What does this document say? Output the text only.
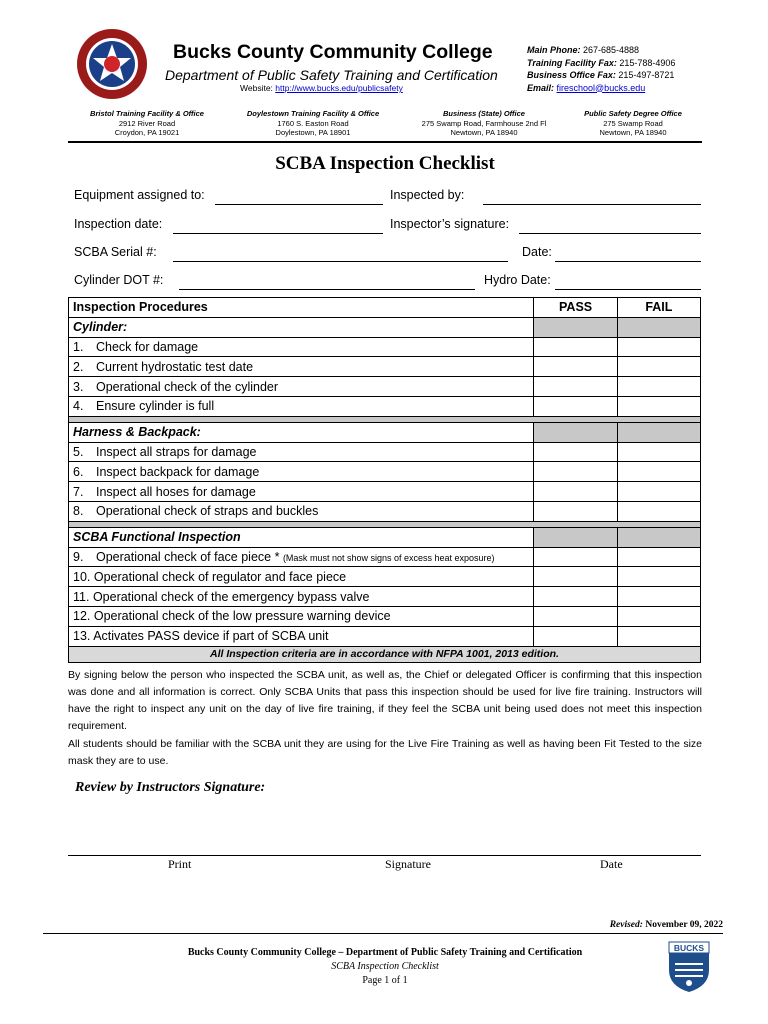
Bucks County Community College
Department of Public Safety Training and Certification
Website: http://www.bucks.edu/publicsafety
Main Phone: 267-685-4888
Training Facility Fax: 215-788-4906
Business Office Fax: 215-497-8721
Email: fireschool@bucks.edu
Bristol Training Facility & Office
2912 River Road
Croydon, PA 19021
Doylestown Training Facility & Office
1760 S. Easton Road
Doylestown, PA 18901
Business (State) Office
275 Swamp Road, Farmhouse 2nd Fl
Newtown, PA 18940
Public Safety Degree Office
275 Swamp Road
Newtown, PA 18940
SCBA Inspection Checklist
Equipment assigned to:	Inspected by:
Inspection date:	Inspector’s signature:
SCBA Serial #:	Date:
Cylinder DOT #:	Hydro Date:
Inspection Procedures	PASS	FAIL
Cylinder:		
1. Check for damage		
2. Current hydrostatic test date		
3. Operational check of the cylinder		
4. Ensure cylinder is full		

Harness & Backpack:		
5. Inspect all straps for damage		
6. Inspect backpack for damage		
7. Inspect all hoses for damage		
8. Operational check of straps and buckles		

SCBA Functional Inspection		
9. Operational check of face piece * (Mask must not show signs of excess heat exposure)		
10. Operational check of regulator and face piece		
11. Operational check of the emergency bypass valve		
12. Operational check of the low pressure warning device		
13. Activates PASS device if part of SCBA unit		
All Inspection criteria are in accordance with NFPA 1001, 2013 edition.		
By signing below the person who inspected the SCBA unit, as well as, the Chief or delegated Officer is confirming that this inspection was done and all information is correct. Only SCBA Units that pass this inspection should be used for live fire training. Instructors will have the right to inspect any unit on the day of live fire training, if they feel the SCBA unit being used does not meet this inspection requirement.
All students should be familiar with the SCBA unit they are using for the Live Fire Training as well as having been Fit Tested to the size mask they are to use.
Review by Instructors Signature:
Print	Signature	Date
Revised: November 09, 2022
Bucks County Community College – Department of Public Safety Training and Certification
SCBA Inspection Checklist
Page 1 of 1
BUCKS
